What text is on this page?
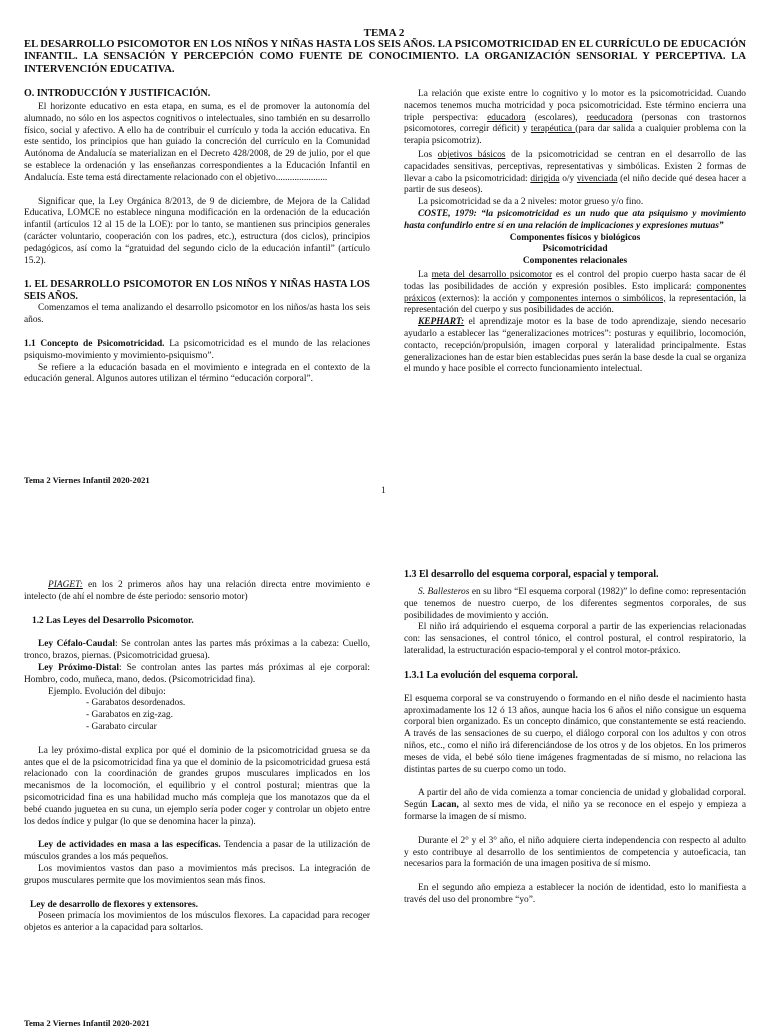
TEMA 2
EL DESARROLLO PSICOMOTOR EN LOS NIÑOS Y NIÑAS HASTA LOS SEIS AÑOS. LA PSICOMOTRICIDAD EN EL CURRÍCULO DE EDUCACIÓN INFANTIL. LA SENSACIÓN Y PERCEPCIÓN COMO FUENTE DE CONOCIMIENTO. LA ORGANIZACIÓN SENSORIAL Y PERCEPTIVA. LA INTERVENCIÓN EDUCATIVA.

O. INTRODUCCIÓN Y JUSTIFICACIÓN.

El horizonte educativo en esta etapa, en suma, es el de promover la autonomía del alumnado, no sólo en los aspectos cognitivos o intelectuales, sino también en su desarrollo físico, social y afectivo. A ello ha de contribuir el currículo y toda la acción educativa. En este sentido, los principios que han guiado la concreción del currículo en la Comunidad Autónoma de Andalucía se materializan en el Decreto 428/2008, de 29 de julio, por el que se establece la ordenación y las enseñanzas correspondientes a la Educación Infantil en Andalucía. Este tema está directamente relacionado con el objetivo......................

Significar que, la Ley Orgánica 8/2013, de 9 de diciembre, de Mejora de la Calidad Educativa, LOMCE no establece ninguna modificación en la ordenación de la educación infantil (artículos 12 al 15 de la LOE): por lo tanto, se mantienen sus principios generales (carácter voluntario, cooperación con los padres, etc.), estructura (dos ciclos), principios pedagógicos, así como la “gratuidad del segundo ciclo de la educación infantil” (artículo 15.2).

1. EL DESARROLLO PSICOMOTOR EN LOS NIÑOS Y NIÑAS HASTA LOS SEIS AÑOS.

Comenzamos el tema analizando el desarrollo psicomotor en los niños/as hasta los seis años.

1.1 Concepto de Psicomotricidad. La psicomotricidad es el mundo de las relaciones psiquismo-movimiento y movimiento-psiquismo”.

Se refiere a la educación basada en el movimiento e integrada en el contexto de la educación general. Algunos autores utilizan el término “educación corporal”.

Tema 2 Viernes Infantil 2020-2021

La relación que existe entre lo cognitivo y lo motor es la psicomotricidad. Cuando nacemos tenemos mucha motricidad y poca psicomotricidad. Este término encierra una triple perspectiva: educadora (escolares), reeducadora (personas con trastornos psicomotores, corregir déficit) y terapéutica (para dar salida a cualquier problema con la terapia psicomotriz).

Los objetivos básicos de la psicomotricidad se centran en el desarrollo de las capacidades sensitivas, perceptivas, representativas y simbólicas. Existen 2 formas de llevar a cabo la psicomotricidad: dirigida o/y vivenciada (el niño decide qué desea hacer a partir de sus deseos).

La psicomotricidad se da a 2 niveles: motor grueso y/o fino.

COSTE, 1979: “la psicomotricidad es un nudo que ata psiquismo y movimiento hasta confundirlo entre sí en una relación de implicaciones y expresiones mutuas”

Componentes físicos y biológicos

Psicomotricidad

Componentes relacionales

La meta del desarrollo psicomotor es el control del propio cuerpo hasta sacar de él todas las posibilidades de acción y expresión posibles. Esto implicará: componentes práxicos (externos): la acción y componentes internos o simbólicos, la representación, la representación del cuerpo y sus posibilidades de acción.

KEPHART: el aprendizaje motor es la base de todo aprendizaje, siendo necesario ayudarlo a establecer las “generalizaciones motrices”: posturas y equilibrio, locomoción, contacto, recepción/propulsión, imagen corporal y lateralidad principalmente. Estas generalizaciones han de estar bien establecidas pues serán la base desde la cual se organiza el mundo y hace posible el correcto funcionamiento intelectual.

1

PIAGET: en los 2 primeros años hay una relación directa entre movimiento e intelecto (de ahí el nombre de éste periodo: sensorio motor)

1.2 Las Leyes del Desarrollo Psicomotor.

Ley Céfalo-Caudal: Se controlan antes las partes más próximas a la cabeza: Cuello, tronco, brazos, piernas. (Psicomotricidad gruesa).

Ley Próximo-Distal: Se controlan antes las partes más próximas al eje corporal: Hombro, codo, muñeca, mano, dedos. (Psicomotricidad fina).

Ejemplo. Evolución del dibujo:

- Garabatos desordenados.

- Garabatos en zig-zag.

- Garabato circular

La ley próximo-distal explica por qué el dominio de la psicomotricidad gruesa se da antes que el de la psicomotricidad fina ya que el dominio de la psicomotricidad gruesa está relacionado con la coordinación de grandes grupos musculares implicados en los mecanismos de la locomoción, el equilibrio y el control postural; mientras que la psicomotricidad fina es una habilidad mucho más compleja que los manotazos que da el bebé cuando juguetea en su cuna, un ejemplo sería poder coger y controlar un objeto entre los dedos índice y pulgar (lo que se denomina hacer la pinza).

Ley de actividades en masa a las específicas. Tendencia a pasar de la utilización de músculos grandes a los más pequeños.

Los movimientos vastos dan paso a movimientos más precisos. La integración de grupos musculares permite que los movimientos sean más finos.

Ley de desarrollo de flexores y extensores.

Poseen primacía los movimientos de los músculos flexores. La capacidad para recoger objetos es anterior a la capacidad para soltarlos.

Tema 2 Viernes Infantil 2020-2021

1.3 El desarrollo del esquema corporal, espacial y temporal.

S. Ballesteros en su libro “El esquema corporal (1982)” lo define como: representación que tenemos de nuestro cuerpo, de los diferentes segmentos corporales, de sus posibilidades de movimiento y acción.

El niño irá adquiriendo el esquema corporal a partir de las experiencias relacionadas con: las sensaciones, el control tónico, el control postural, el control respiratorio, la lateralidad, la estructuración espacio-temporal y el control motor-práxico.

1.3.1 La evolución del esquema corporal.

El esquema corporal se va construyendo o formando en el niño desde el nacimiento hasta aproximadamente los 12 ó 13 años, aunque hacia los 6 años el niño consigue un esquema corporal bien organizado. Es un concepto dinámico, que constantemente se está reaciendo. A través de las sensaciones de su cuerpo, el diálogo corporal con los adultos y con otros niños, etc., como el niño irá diferenciándose de los otros y de los objetos. En los primeros meses de vida, el bebé sólo tiene imágenes fragmentadas de sí mismo, no relaciona las distintas partes de su cuerpo como un todo.

A partir del año de vida comienza a tomar conciencia de unidad y globalidad corporal. Según Lacan, al sexto mes de vida, el niño ya se reconoce en el espejo y empieza a formarse la imagen de sí mismo.

Durante el 2° y el 3° año, el niño adquiere cierta independencia con respecto al adulto y esto contribuye al desarrollo de los sentimientos de competencia y autoeficacia, tan necesarios para la formación de una imagen positiva de sí mismo.

En el segundo año empieza a establecer la noción de identidad, esto lo manifiesta a través del uso del pronombre “yo”.
